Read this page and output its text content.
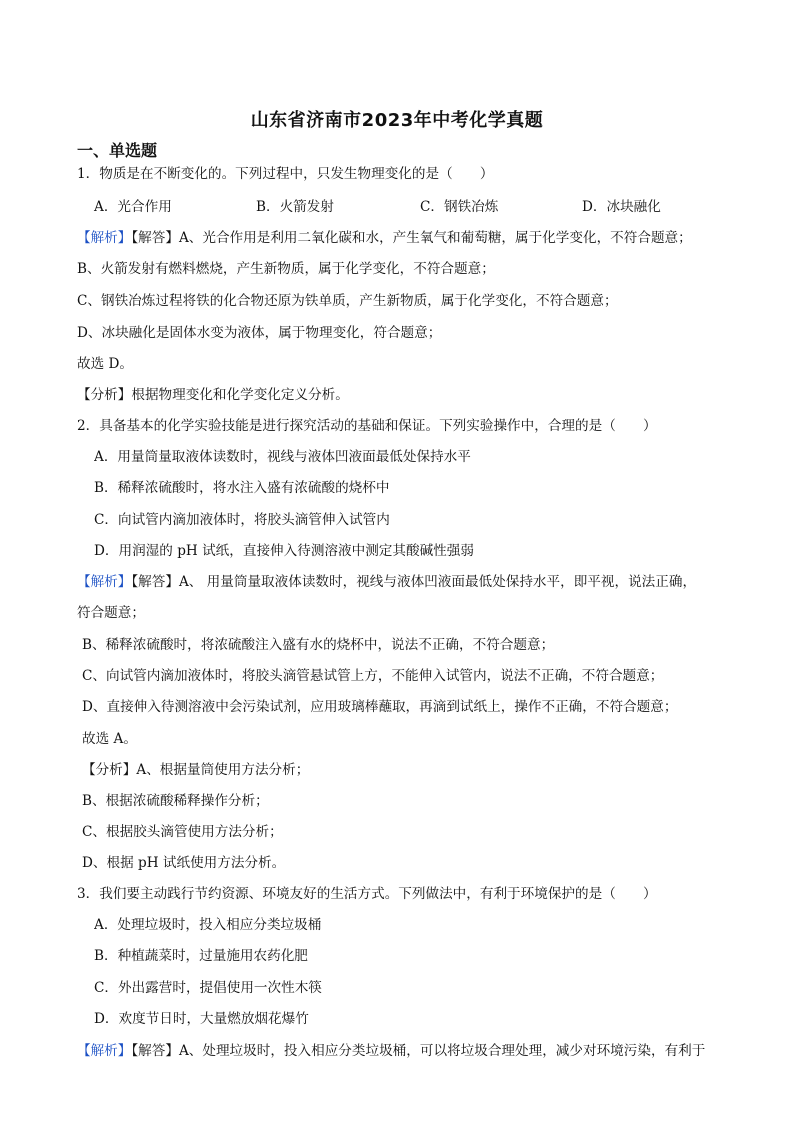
山东省济南市2023年中考化学真题
一、单选题
1．物质是在不断变化的。下列过程中，只发生物理变化的是（　　）
A．光合作用	B．火箭发射	C．钢铁冶炼	D．冰块融化
【解析】【解答】A、光合作用是利用二氧化碳和水，产生氧气和葡萄糖，属于化学变化，不符合题意；
B、火箭发射有燃料燃烧，产生新物质，属于化学变化，不符合题意；
C、钢铁冶炼过程将铁的化合物还原为铁单质，产生新物质，属于化学变化，不符合题意；
D、冰块融化是固体水变为液体，属于物理变化，符合题意；
故选 D。
【分析】根据物理变化和化学变化定义分析。
2．具备基本的化学实验技能是进行探究活动的基础和保证。下列实验操作中，合理的是（　　）
A．用量筒量取液体读数时，视线与液体凹液面最低处保持水平
B．稀释浓硫酸时，将水注入盛有浓硫酸的烧杯中
C．向试管内滴加液体时，将胶头滴管伸入试管内
D．用润湿的 pH 试纸，直接伸入待测溶液中测定其酸碱性强弱
【解析】【解答】A、 用量筒量取液体读数时，视线与液体凹液面最低处保持水平，即平视，说法正确，
符合题意；
B、稀释浓硫酸时，将浓硫酸注入盛有水的烧杯中，说法不正确，不符合题意；
C、向试管内滴加液体时，将胶头滴管悬试管上方，不能伸入试管内，说法不正确，不符合题意；
D、直接伸入待测溶液中会污染试剂，应用玻璃棒蘸取，再滴到试纸上，操作不正确，不符合题意；
故选 A。
【分析】A、根据量筒使用方法分析；
B、根据浓硫酸稀释操作分析；
C、根据胶头滴管使用方法分析；
D、根据 pH 试纸使用方法分析。
3．我们要主动践行节约资源、环境友好的生活方式。下列做法中，有利于环境保护的是（　　）
A．处理垃圾时，投入相应分类垃圾桶
B．种植蔬菜时，过量施用农药化肥
C．外出露营时，提倡使用一次性木筷
D．欢度节日时，大量燃放烟花爆竹
【解析】【解答】A、处理垃圾时，投入相应分类垃圾桶，可以将垃圾合理处理，减少对环境污染，有利于
